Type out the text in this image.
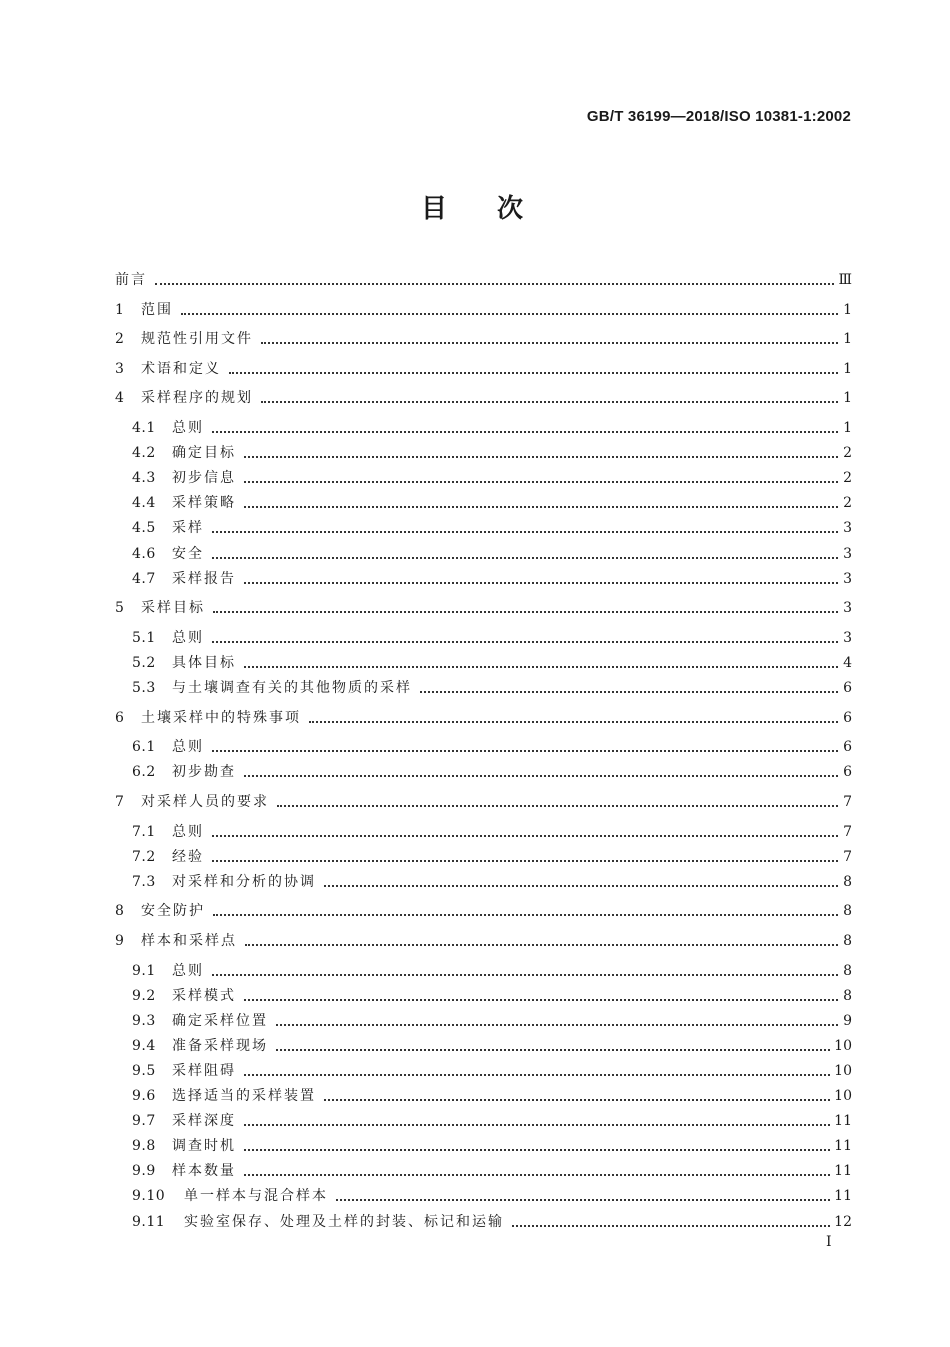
GB/T 36199—2018/ISO 10381-1:2002
目 次
前言	Ⅲ
1	范围	1
2	规范性引用文件	1
3	术语和定义	1
4	采样程序的规划	1
4.1	总则	1
4.2	确定目标	2
4.3	初步信息	2
4.4	采样策略	2
4.5	采样	3
4.6	安全	3
4.7	采样报告	3
5	采样目标	3
5.1	总则	3
5.2	具体目标	4
5.3	与土壤调查有关的其他物质的采样	6
6	土壤采样中的特殊事项	6
6.1	总则	6
6.2	初步勘查	6
7	对采样人员的要求	7
7.1	总则	7
7.2	经验	7
7.3	对采样和分析的协调	8
8	安全防护	8
9	样本和采样点	8
9.1	总则	8
9.2	采样模式	8
9.3	确定采样位置	9
9.4	准备采样现场	10
9.5	采样阻碍	10
9.6	选择适当的采样装置	10
9.7	采样深度	11
9.8	调查时机	11
9.9	样本数量	11
9.10	单一样本与混合样本	11
9.11	实验室保存、处理及土样的封装、标记和运输	12
I
